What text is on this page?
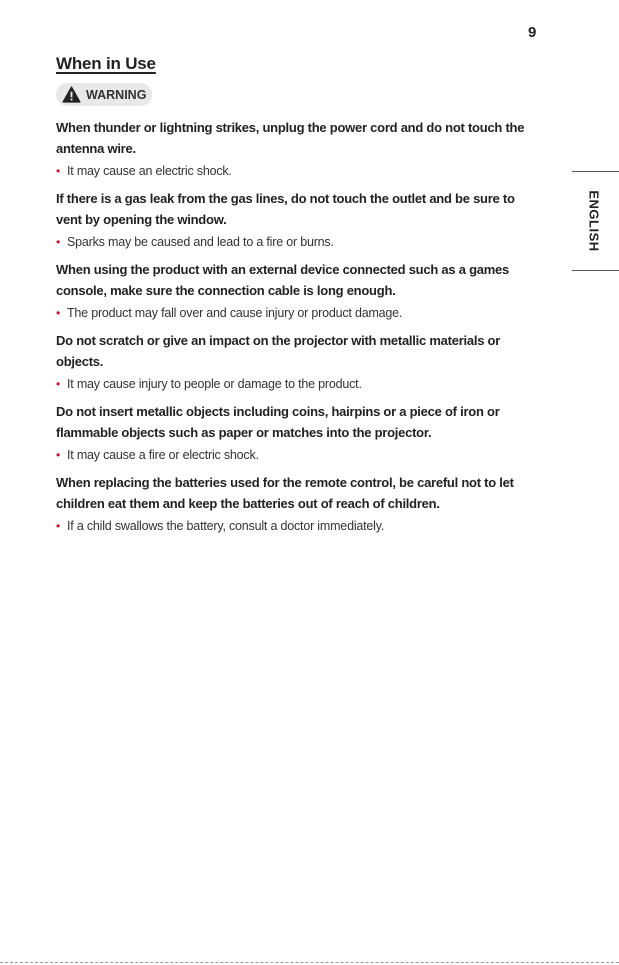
9
ENGLISH
When in Use
WARNING

When thunder or lightning strikes, unplug the power cord and do not touch the antenna wire.

• It may cause an electric shock.

If there is a gas leak from the gas lines, do not touch the outlet and be sure to vent by opening the window.

• Sparks may be caused and lead to a fire or burns.

When using the product with an external device connected such as a games console, make sure the connection cable is long enough.

• The product may fall over and cause injury or product damage.

Do not scratch or give an impact on the projector with metallic materials or objects.

• It may cause injury to people or damage to the product.

Do not insert metallic objects including coins, hairpins or a piece of iron or flammable objects such as paper or matches into the projector.

• It may cause a fire or electric shock.

When replacing the batteries used for the remote control, be careful not to let children eat them and keep the batteries out of reach of children.

• If a child swallows the battery, consult a doctor immediately.
